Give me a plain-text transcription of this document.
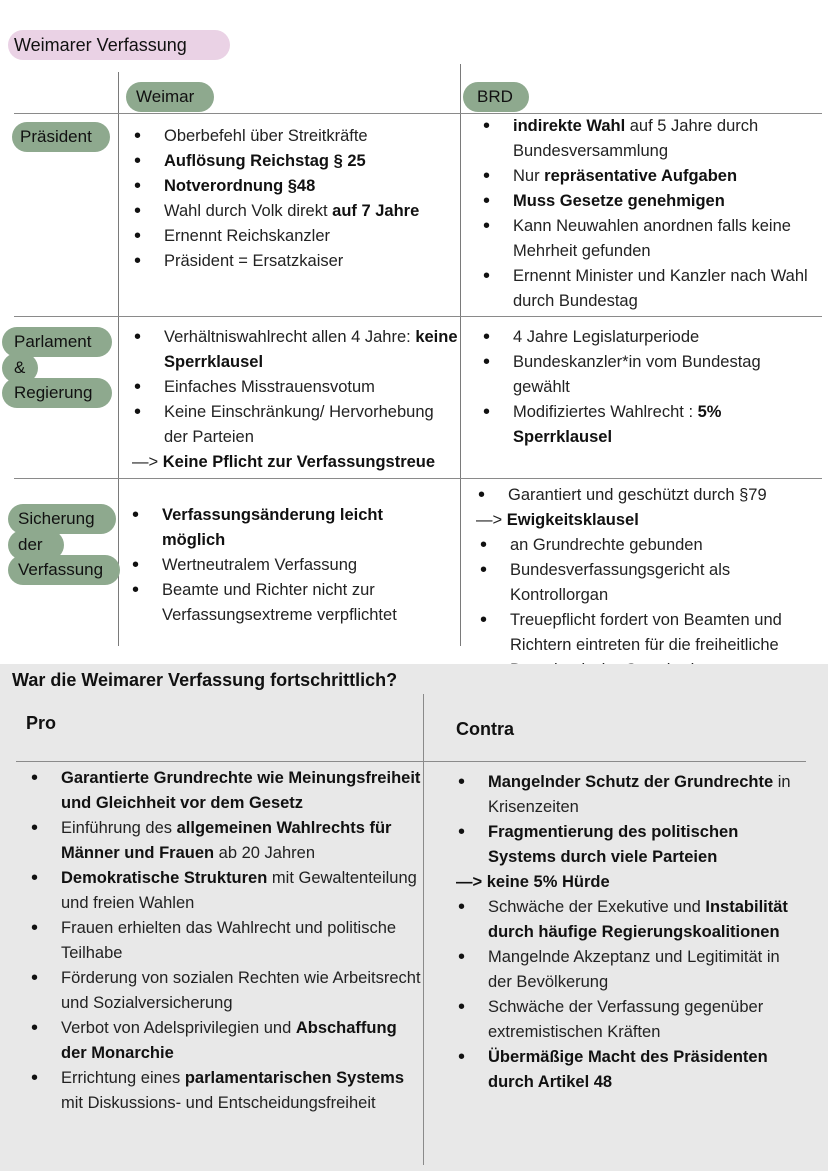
Weimarer Verfassung
Weimar	BRD
Präsident
Parlament
&
Regierung
Sicherung
der
Verfassung
• Oberbefehl über Streitkräfte
• Auflösung Reichstag § 25
• Notverordnung §48
• Wahl durch Volk direkt auf 7 Jahre
• Ernennt Reichskanzler
• Präsident = Ersatzkaiser
• indirekte Wahl auf 5 Jahre durch Bundesversammlung
• Nur repräsentative Aufgaben
• Muss Gesetze genehmigen
• Kann Neuwahlen anordnen falls keine Mehrheit gefunden
• Ernennt Minister und Kanzler nach Wahl durch Bundestag
• Verhältniswahlrecht allen 4 Jahre: keine Sperrklausel
• Einfaches Misstrauensvotum
• Keine Einschränkung/ Hervorhebung der Parteien
—> Keine Pflicht zur Verfassungstreue
• 4 Jahre Legislaturperiode
• Bundeskanzler*in vom Bundestag gewählt
• Modifiziertes Wahlrecht : 5% Sperrklausel
• Verfassungsänderung leicht möglich
• Wertneutralem Verfassung
• Beamte und Richter nicht zur Verfassungsextreme verpflichtet
• Garantiert und geschützt durch §79
—> Ewigkeitsklausel
• an Grundrechte gebunden
• Bundesverfassungsgericht als Kontrollorgan
• Treuepflicht fordert von Beamten und Richtern eintreten für die freiheitliche
War die Weimarer Verfassung fortschrittlich?
Pro	Contra
• Garantierte Grundrechte wie Meinungsfreiheit und Gleichheit vor dem Gesetz
• Einführung des allgemeinen Wahlrechts für Männer und Frauen ab 20 Jahren
• Demokratische Strukturen mit Gewaltenteilung und freien Wahlen
• Frauen erhielten das Wahlrecht und politische Teilhabe
• Förderung von sozialen Rechten wie Arbeitsrecht und Sozialversicherung
• Verbot von Adelsprivilegien und Abschaffung der Monarchie
• Errichtung eines parlamentarischen Systems mit Diskussions- und Entscheidungsfreiheit
• Mangelnder Schutz der Grundrechte in Krisenzeiten
• Fragmentierung des politischen Systems durch viele Parteien
—> keine 5% Hürde
• Schwäche der Exekutive und Instabilität durch häufige Regierungskoalitionen
• Mangelnde Akzeptanz und Legitimität in der Bevölkerung
• Schwäche der Verfassung gegenüber extremistischen Kräften
• Übermäßige Macht des Präsidenten durch Artikel 48
